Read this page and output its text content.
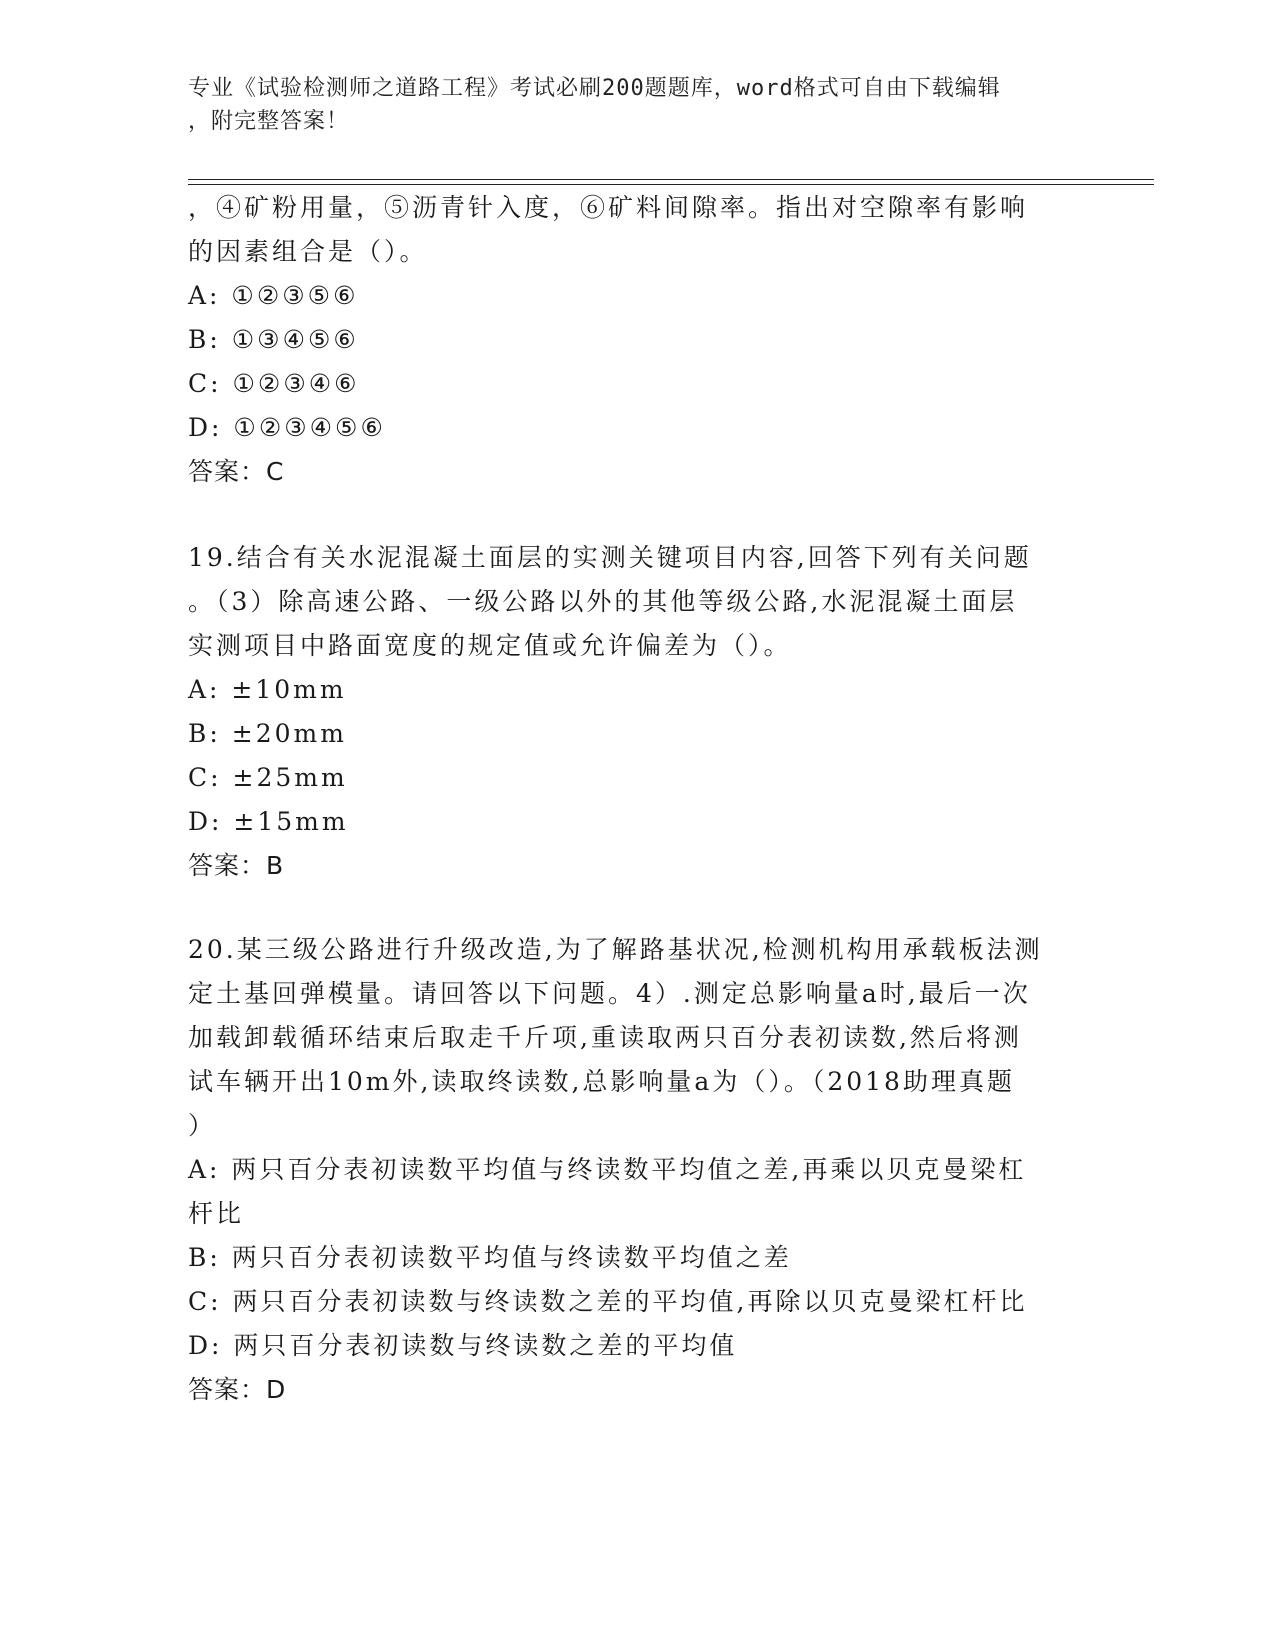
专业《试验检测师之道路工程》考试必刷200题题库，word格式可自由下载编辑
，附完整答案！
，④矿粉用量，⑤沥青针入度，⑥矿料间隙率。指出对空隙率有影响
的因素组合是（）。
A: ①②③⑤⑥
B: ①③④⑤⑥
C: ①②③④⑥
D: ①②③④⑤⑥
答案：C
19.结合有关水泥混凝土面层的实测关键项目内容,回答下列有关问题
。（3）除高速公路、一级公路以外的其他等级公路,水泥混凝土面层
实测项目中路面宽度的规定值或允许偏差为（）。
A: ±10mm
B: ±20mm
C: ±25mm
D: ±15mm
答案：B
20.某三级公路进行升级改造,为了解路基状况,检测机构用承载板法测
定土基回弹模量。请回答以下问题。4）.测定总影响量a时,最后一次
加载卸载循环结束后取走千斤项,重读取两只百分表初读数,然后将测
试车辆开出10m外,读取终读数,总影响量a为（）。（2018助理真题
）
A: 两只百分表初读数平均值与终读数平均值之差,再乘以贝克曼梁杠
杆比
B: 两只百分表初读数平均值与终读数平均值之差
C: 两只百分表初读数与终读数之差的平均值,再除以贝克曼梁杠杆比
D: 两只百分表初读数与终读数之差的平均值
答案：D
